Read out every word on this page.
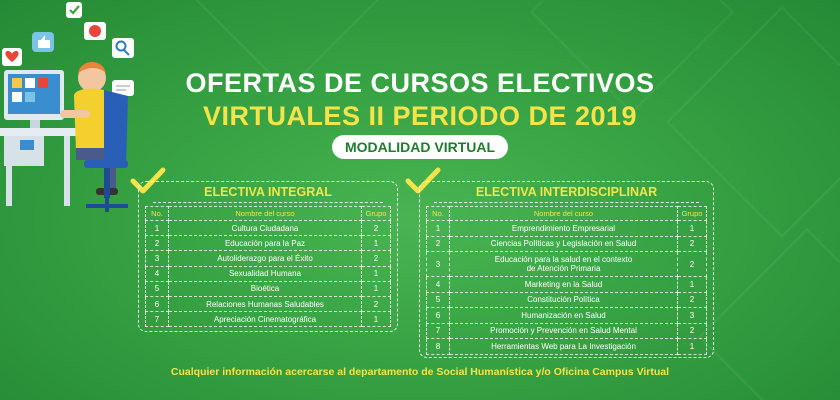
OFERTAS DE CURSOS ELECTIVOS
VIRTUALES II PERIODO DE 2019
MODALIDAD VIRTUAL
ELECTIVA INTEGRAL
No.	Nombre del curso	Grupo
1	Cultura Ciudadana	2
2	Educación para la Paz	1
3	Autoliderazgo para el Éxito	2
4	Sexualidad Humana	1
5	Bioética	1
6	Relaciones Humanas Saludables	2
7	Apreciación Cinematográfica	1
ELECTIVA INTERDISCIPLINAR
No.	Nombre del curso	Grupo
1	Emprendimiento Empresarial	1
2	Ciencias Políticas y Legislación en Salud	2
3	Educación para la salud en el contexto de Atención Primaria	2
4	Marketing en la Salud	1
5	Constitución Política	2
6	Humanización en Salud	3
7	Promoción y Prevención en Salud Mental	2
8	Herramientas Web para La Investigación	1
Cualquier información acercarse al departamento de Social Humanística y/o Oficina Campus Virtual
